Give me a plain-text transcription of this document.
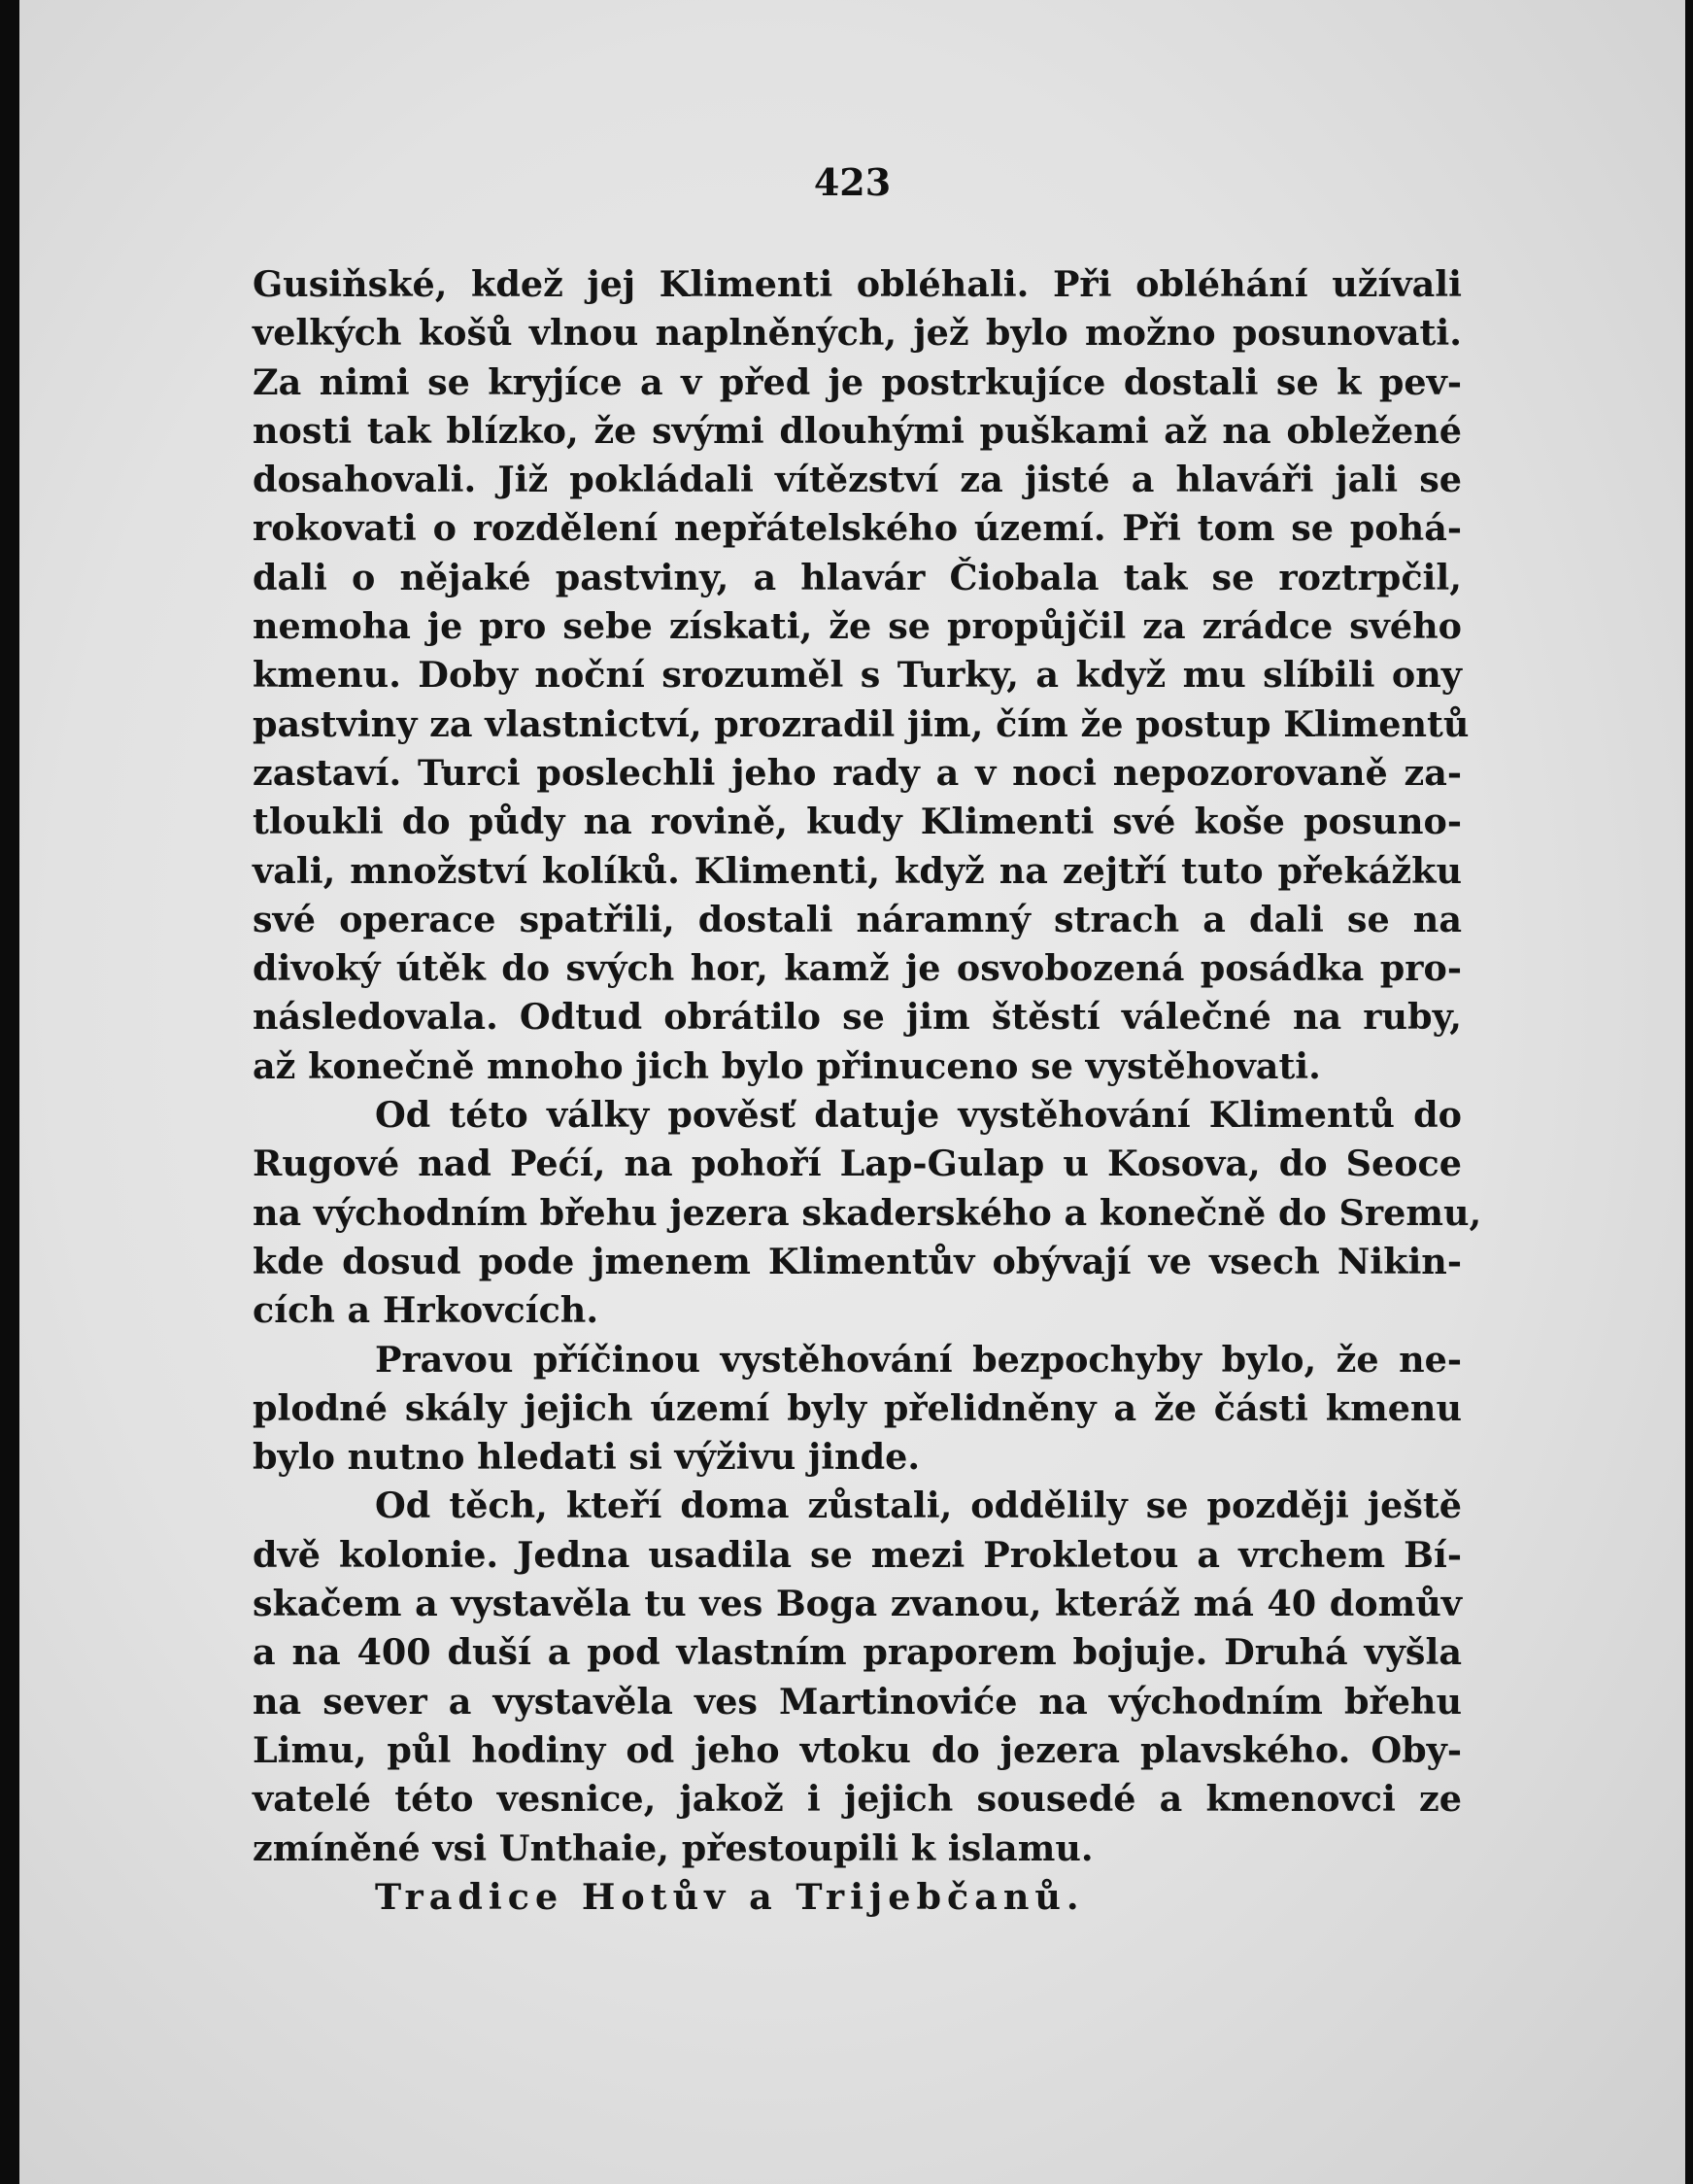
423
Gusiňské, kdež jej Klimenti obléhali. Při obléhání užívali
velkých košů vlnou naplněných, jež bylo možno posunovati.
Za nimi se kryjíce a v před je postrkujíce dostali se k pev-
nosti tak blízko, že svými dlouhými puškami až na obležené
dosahovali. Již pokládali vítězství za jisté a hlaváři jali se
rokovati o rozdělení nepřátelského území. Při tom se pohá-
dali o nějaké pastviny, a hlavár Čiobala tak se roztrpčil,
nemoha je pro sebe získati, že se propůjčil za zrádce svého
kmenu. Doby noční srozuměl s Turky, a když mu slíbili ony
pastviny za vlastnictví, prozradil jim, čím že postup Klimentů
zastaví. Turci poslechli jeho rady a v noci nepozorovaně za-
tloukli do půdy na rovině, kudy Klimenti své koše posuno-
vali, množství kolíků. Klimenti, když na zejtří tuto překážku
své operace spatřili, dostali náramný strach a dali se na
divoký útěk do svých hor, kamž je osvobozená posádka pro-
následovala. Odtud obrátilo se jim štěstí válečné na ruby,
až konečně mnoho jich bylo přinuceno se vystěhovati.
Od této války pověsť datuje vystěhování Klimentů do
Rugové nad Pećí, na pohoří Lap-Gulap u Kosova, do Seoce
na východním břehu jezera skaderského a konečně do Sremu,
kde dosud pode jmenem Klimentův obývají ve vsech Nikin-
cích a Hrkovcích.
Pravou příčinou vystěhování bezpochyby bylo, že ne-
plodné skály jejich území byly přelidněny a že části kmenu
bylo nutno hledati si výživu jinde.
Od těch, kteří doma zůstali, oddělily se později ještě
dvě kolonie. Jedna usadila se mezi Prokletou a vrchem Bí-
skačem a vystavěla tu ves Boga zvanou, kteráž má 40 domův
a na 400 duší a pod vlastním praporem bojuje. Druhá vyšla
na sever a vystavěla ves Martinoviće na východním břehu
Limu, půl hodiny od jeho vtoku do jezera plavského. Oby-
vatelé této vesnice, jakož i jejich sousedé a kmenovci ze
zmíněné vsi Unthaie, přestoupili k islamu.
Tradice Hotův a Trijebčanů.
